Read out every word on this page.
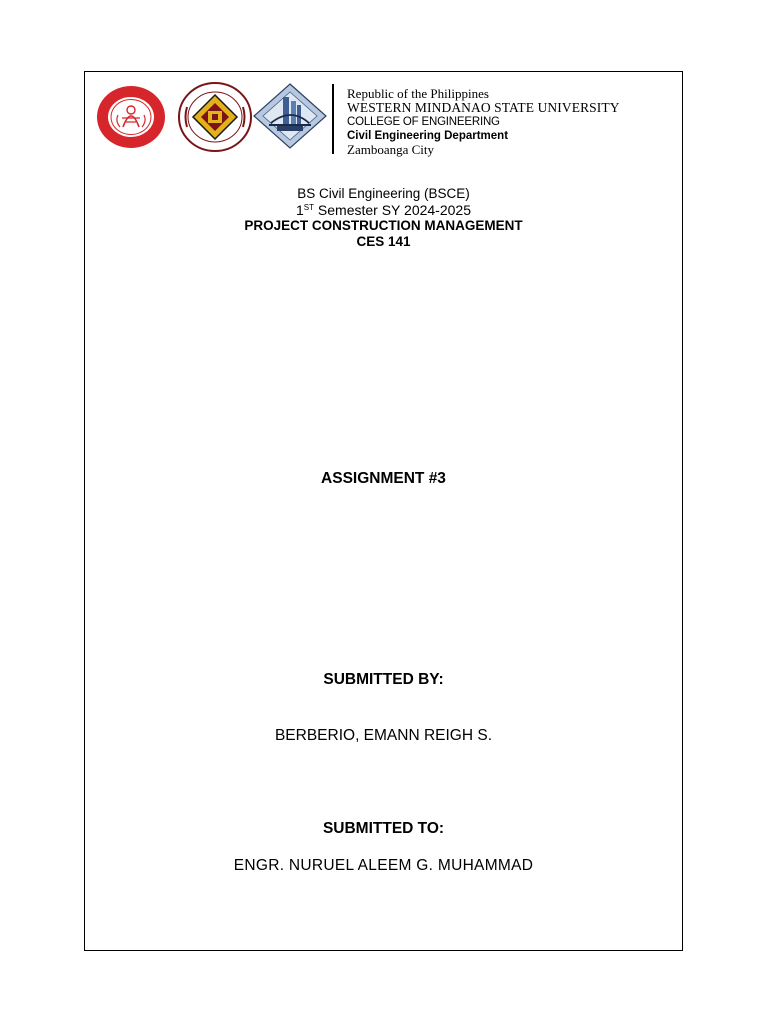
Republic of the Philippines
WESTERN MINDANAO STATE UNIVERSITY
COLLEGE OF ENGINEERING
Civil Engineering Department
Zamboanga City
BS Civil Engineering (BSCE)
1ST Semester SY 2024-2025
PROJECT CONSTRUCTION MANAGEMENT
CES 141
ASSIGNMENT #3
SUBMITTED BY:
BERBERIO, EMANN REIGH S.
SUBMITTED TO:
ENGR. NURUEL ALEEM G. MUHAMMAD
